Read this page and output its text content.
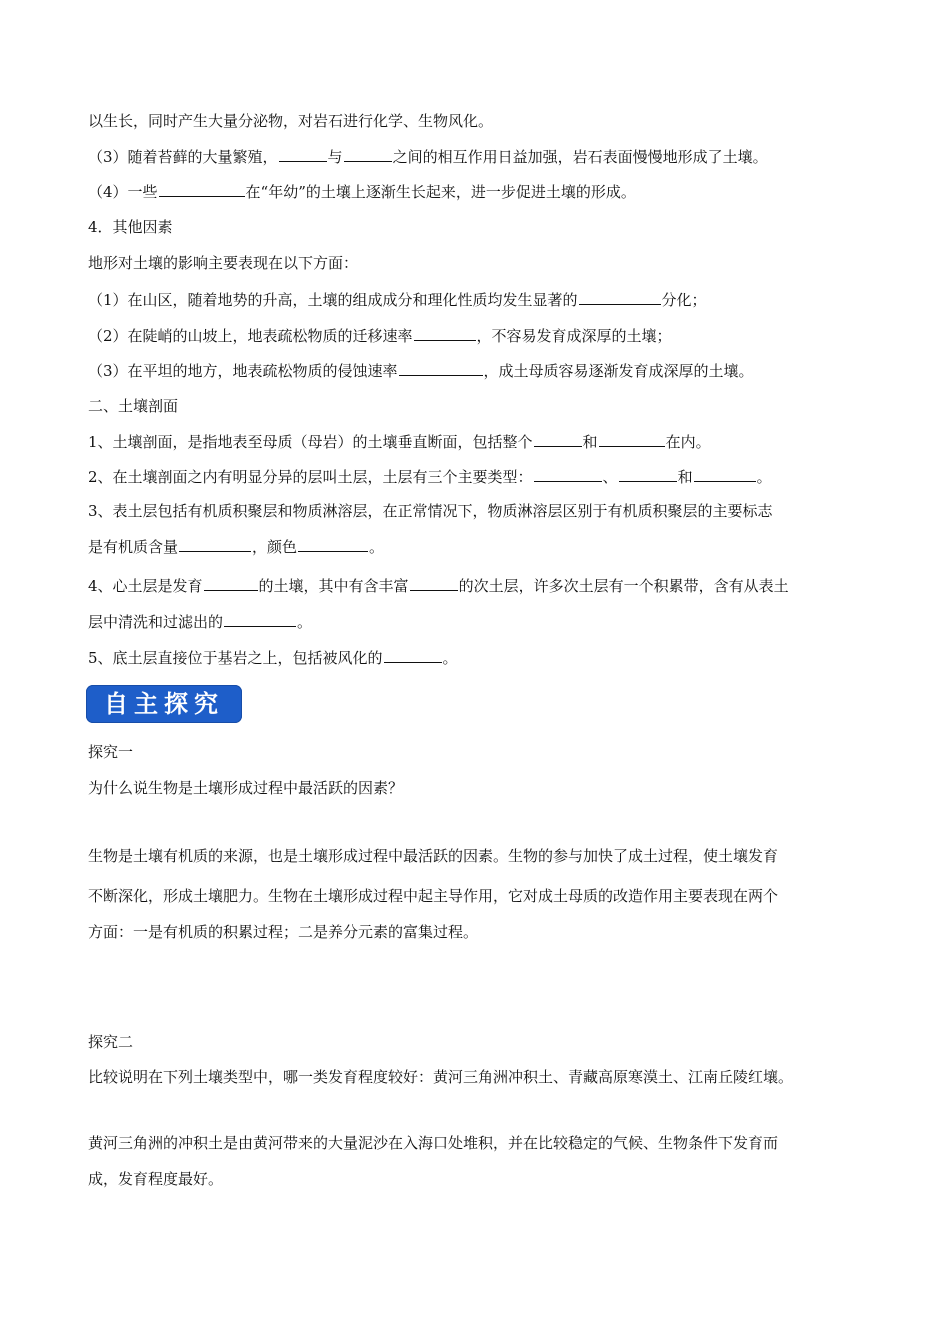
以生长，同时产生大量分泌物，对岩石进行化学、生物风化。
（3）随着苔藓的大量繁殖，	与	之间的相互作用日益加强，岩石表面慢慢地形成了土壤。
（4）一些	在“年幼”的土壤上逐渐生长起来，进一步促进土壤的形成。
4．其他因素
地形对土壤的影响主要表现在以下方面：
（1）在山区，随着地势的升高，土壤的组成成分和理化性质均发生显著的	分化；
（2）在陡峭的山坡上，地表疏松物质的迁移速率	，不容易发育成深厚的土壤；
（3）在平坦的地方，地表疏松物质的侵蚀速率	，成土母质容易逐渐发育成深厚的土壤。
二、土壤剖面
1、土壤剖面，是指地表至母质（母岩）的土壤垂直断面，包括整个	和	在内。
2、在土壤剖面之内有明显分异的层叫土层，土层有三个主要类型：	、	和	。
3、表土层包括有机质积聚层和物质淋溶层，在正常情况下，物质淋溶层区别于有机质积聚层的主要标志
是有机质含量	，颜色	。
4、心土层是发育	的土壤，其中有含丰富	的次土层，许多次土层有一个积累带，含有从表土
层中清洗和过滤出的	。
5、底土层直接位于基岩之上，包括被风化的	。
探究一
为什么说生物是土壤形成过程中最活跃的因素？
生物是土壤有机质的来源，也是土壤形成过程中最活跃的因素。生物的参与加快了成土过程，使土壤发育
不断深化，形成土壤肥力。生物在土壤形成过程中起主导作用，它对成土母质的改造作用主要表现在两个
方面：一是有机质的积累过程；二是养分元素的富集过程。
探究二
比较说明在下列土壤类型中，哪一类发育程度较好：黄河三角洲冲积土、青藏高原寒漠土、江南丘陵红壤。
黄河三角洲的冲积土是由黄河带来的大量泥沙在入海口处堆积，并在比较稳定的气候、生物条件下发育而
成，发育程度最好。
自主探究
